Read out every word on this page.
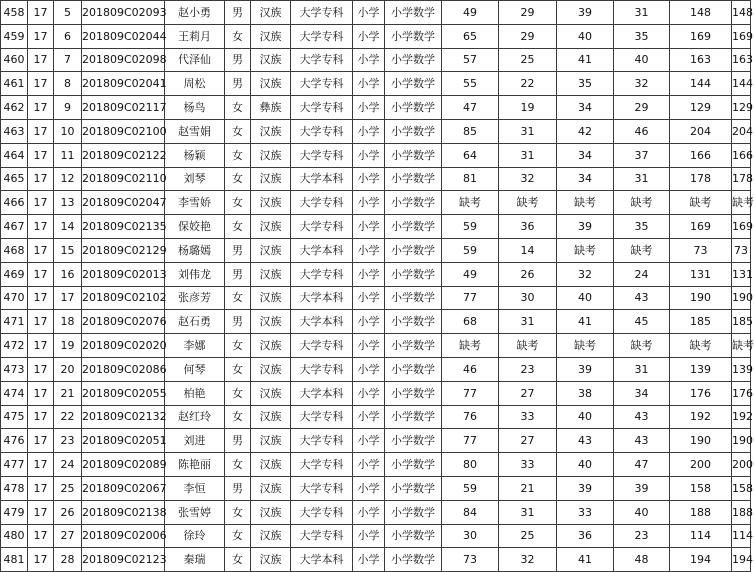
458	17	5	201809C02093	赵小勇	男	汉族	大学专科	小学	小学数学	49	29	39	31	148	148
459	17	6	201809C02044	王莉月	女	汉族	大学专科	小学	小学数学	65	29	40	35	169	169
460	17	7	201809C02098	代泽仙	男	汉族	大学专科	小学	小学数学	57	25	41	40	163	163
461	17	8	201809C02041	周松	男	汉族	大学专科	小学	小学数学	55	22	35	32	144	144
462	17	9	201809C02117	杨鸟	女	彝族	大学专科	小学	小学数学	47	19	34	29	129	129
463	17	10	201809C02100	赵雪娟	女	汉族	大学专科	小学	小学数学	85	31	42	46	204	204
464	17	11	201809C02122	杨颖	女	汉族	大学专科	小学	小学数学	64	31	34	37	166	166
465	17	12	201809C02110	刘琴	女	汉族	大学本科	小学	小学数学	81	32	34	31	178	178
466	17	13	201809C02047	李雪娇	女	汉族	大学专科	小学	小学数学	缺考	缺考	缺考	缺考	缺考	缺考
467	17	14	201809C02135	保姣艳	女	汉族	大学专科	小学	小学数学	59	36	39	35	169	169
468	17	15	201809C02129	杨璐嫣	男	汉族	大学本科	小学	小学数学	59	14	缺考	缺考	73	73
469	17	16	201809C02013	刘伟龙	男	汉族	大学专科	小学	小学数学	49	26	32	24	131	131
470	17	17	201809C02102	张彦芳	女	汉族	大学本科	小学	小学数学	77	30	40	43	190	190
471	17	18	201809C02076	赵石勇	男	汉族	大学本科	小学	小学数学	68	31	41	45	185	185
472	17	19	201809C02020	李娜	女	汉族	大学专科	小学	小学数学	缺考	缺考	缺考	缺考	缺考	缺考
473	17	20	201809C02086	何琴	女	汉族	大学专科	小学	小学数学	46	23	39	31	139	139
474	17	21	201809C02055	柏艳	女	汉族	大学本科	小学	小学数学	77	27	38	34	176	176
475	17	22	201809C02132	赵红玲	女	汉族	大学专科	小学	小学数学	76	33	40	43	192	192
476	17	23	201809C02051	刘进	男	汉族	大学专科	小学	小学数学	77	27	43	43	190	190
477	17	24	201809C02089	陈艳丽	女	汉族	大学专科	小学	小学数学	80	33	40	47	200	200
478	17	25	201809C02067	李恒	男	汉族	大学专科	小学	小学数学	59	21	39	39	158	158
479	17	26	201809C02138	张雪婷	女	汉族	大学专科	小学	小学数学	84	31	33	40	188	188
480	17	27	201809C02006	徐玲	女	汉族	大学专科	小学	小学数学	30	25	36	23	114	114
481	17	28	201809C02123	秦瑞	女	汉族	大学本科	小学	小学数学	73	32	41	48	194	194
